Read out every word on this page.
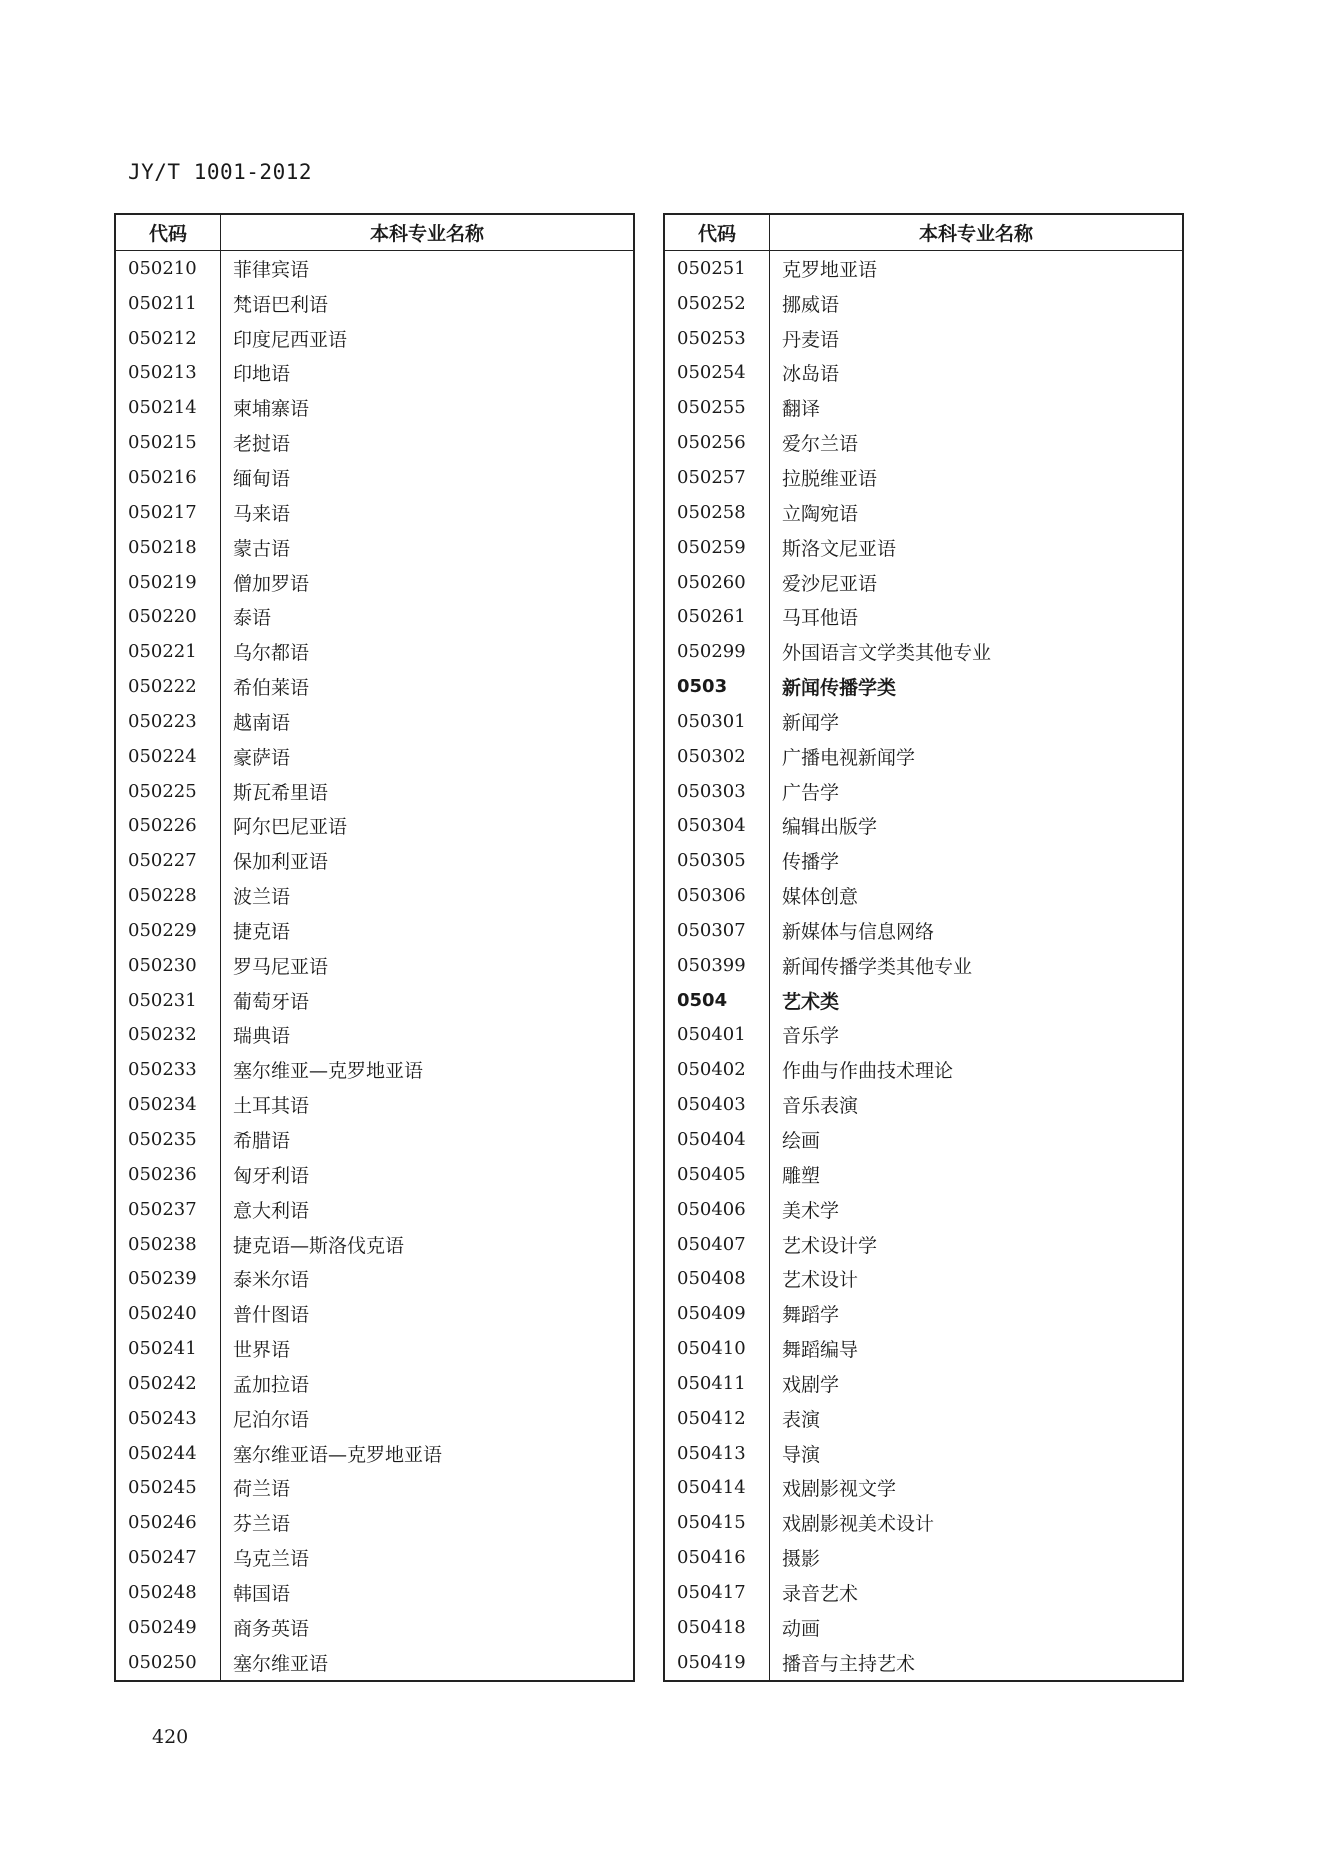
JY/T 1001-2012
代码	本科专业名称
050210	菲律宾语
050211	梵语巴利语
050212	印度尼西亚语
050213	印地语
050214	柬埔寨语
050215	老挝语
050216	缅甸语
050217	马来语
050218	蒙古语
050219	僧加罗语
050220	泰语
050221	乌尔都语
050222	希伯莱语
050223	越南语
050224	豪萨语
050225	斯瓦希里语
050226	阿尔巴尼亚语
050227	保加利亚语
050228	波兰语
050229	捷克语
050230	罗马尼亚语
050231	葡萄牙语
050232	瑞典语
050233	塞尔维亚—克罗地亚语
050234	土耳其语
050235	希腊语
050236	匈牙利语
050237	意大利语
050238	捷克语—斯洛伐克语
050239	泰米尔语
050240	普什图语
050241	世界语
050242	孟加拉语
050243	尼泊尔语
050244	塞尔维亚语—克罗地亚语
050245	荷兰语
050246	芬兰语
050247	乌克兰语
050248	韩国语
050249	商务英语
050250	塞尔维亚语
代码	本科专业名称
050251	克罗地亚语
050252	挪威语
050253	丹麦语
050254	冰岛语
050255	翻译
050256	爱尔兰语
050257	拉脱维亚语
050258	立陶宛语
050259	斯洛文尼亚语
050260	爱沙尼亚语
050261	马耳他语
050299	外国语言文学类其他专业
0503	新闻传播学类
050301	新闻学
050302	广播电视新闻学
050303	广告学
050304	编辑出版学
050305	传播学
050306	媒体创意
050307	新媒体与信息网络
050399	新闻传播学类其他专业
0504	艺术类
050401	音乐学
050402	作曲与作曲技术理论
050403	音乐表演
050404	绘画
050405	雕塑
050406	美术学
050407	艺术设计学
050408	艺术设计
050409	舞蹈学
050410	舞蹈编导
050411	戏剧学
050412	表演
050413	导演
050414	戏剧影视文学
050415	戏剧影视美术设计
050416	摄影
050417	录音艺术
050418	动画
050419	播音与主持艺术
420
